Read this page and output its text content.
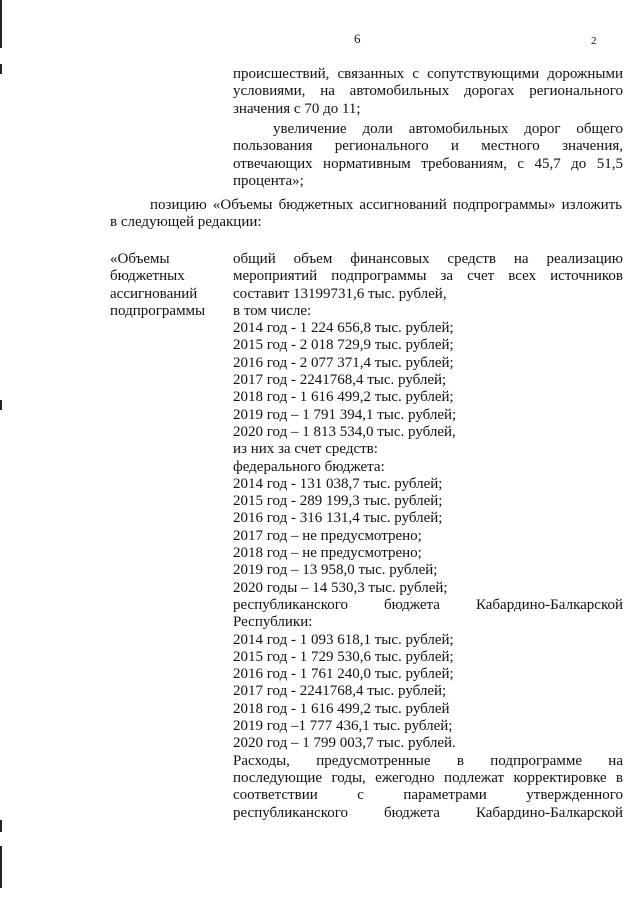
6	2
происшествий, связанных с сопутствующими дорожными
условиями, на автомобильных дорогах регионального
значения с 70 до 11;
увеличение доли автомобильных дорог общего
пользования регионального и местного значения,
отвечающих нормативным требованиям, с 45,7 до 51,5
процента»;
позицию «Объемы бюджетных ассигнований подпрограммы» изложить
в следующей редакции:
«Объемы
бюджетных
ассигнований
подпрограммы
общий объем финансовых средств на реализацию
мероприятий подпрограммы за счет всех источников
составит 13199731,6 тыс. рублей,
в том числе:
2014 год - 1 224 656,8 тыс. рублей;
2015 год - 2 018 729,9 тыс. рублей;
2016 год - 2 077 371,4 тыс. рублей;
2017 год - 2241768,4 тыс. рублей;
2018 год - 1 616 499,2 тыс. рублей;
2019 год – 1 791 394,1 тыс. рублей;
2020 год – 1 813 534,0 тыс. рублей,
из них за счет средств:
федерального бюджета:
2014 год - 131 038,7 тыс. рублей;
2015 год - 289 199,3 тыс. рублей;
2016 год - 316 131,4 тыс. рублей;
2017 год – не предусмотрено;
2018 год – не предусмотрено;
2019 год – 13 958,0 тыс. рублей;
2020 годы – 14 530,3 тыс. рублей;
республиканского бюджета Кабардино-Балкарской
Республики:
2014 год - 1 093 618,1 тыс. рублей;
2015 год - 1 729 530,6 тыс. рублей;
2016 год - 1 761 240,0 тыс. рублей;
2017 год - 2241768,4 тыс. рублей;
2018 год - 1 616 499,2 тыс. рублей
2019 год –1 777 436,1 тыс. рублей;
2020 год – 1 799 003,7 тыс. рублей.
Расходы, предусмотренные в подпрограмме на
последующие годы, ежегодно подлежат корректировке в
соответствии с параметрами утвержденного
республиканского бюджета Кабардино-Балкарской
